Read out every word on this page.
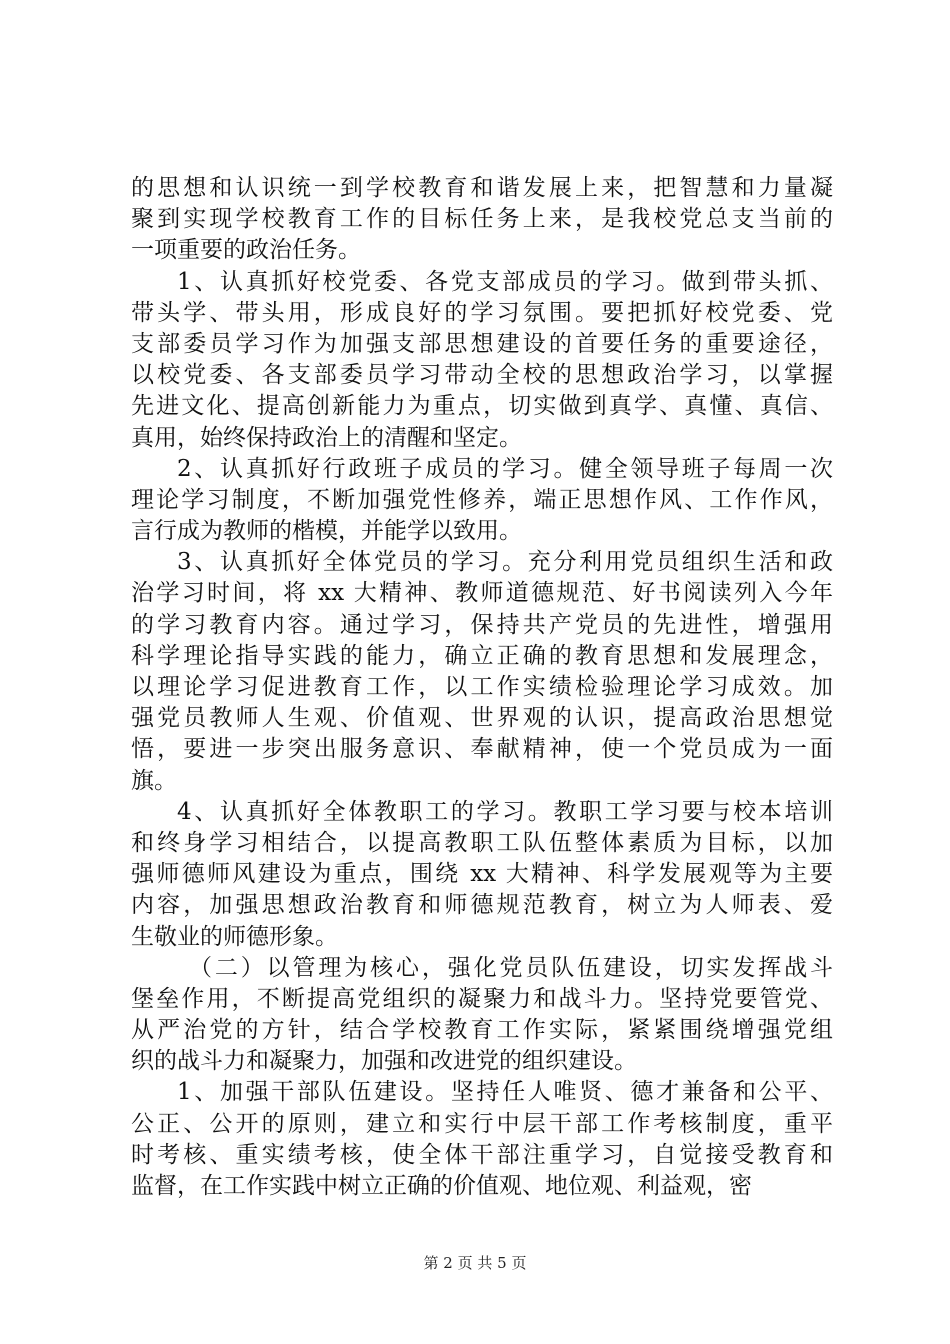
的思想和认识统一到学校教育和谐发展上来，把智慧和力量凝
聚到实现学校教育工作的目标任务上来，是我校党总支当前的
一项重要的政治任务。
1、认真抓好校党委、各党支部成员的学习。做到带头抓、
带头学、带头用，形成良好的学习氛围。要把抓好校党委、党
支部委员学习作为加强支部思想建设的首要任务的重要途径，
以校党委、各支部委员学习带动全校的思想政治学习，以掌握
先进文化、提高创新能力为重点，切实做到真学、真懂、真信、
真用，始终保持政治上的清醒和坚定。
2、认真抓好行政班子成员的学习。健全领导班子每周一次
理论学习制度，不断加强党性修养，端正思想作风、工作作风，
言行成为教师的楷模，并能学以致用。
3、认真抓好全体党员的学习。充分利用党员组织生活和政
治学习时间，将 xx 大精神、教师道德规范、好书阅读列入今年
的学习教育内容。通过学习，保持共产党员的先进性，增强用
科学理论指导实践的能力，确立正确的教育思想和发展理念，
以理论学习促进教育工作，以工作实绩检验理论学习成效。加
强党员教师人生观、价值观、世界观的认识，提高政治思想觉
悟，要进一步突出服务意识、奉献精神，使一个党员成为一面
旗。
4、认真抓好全体教职工的学习。教职工学习要与校本培训
和终身学习相结合，以提高教职工队伍整体素质为目标，以加
强师德师风建设为重点，围绕 xx 大精神、科学发展观等为主要
内容，加强思想政治教育和师德规范教育，树立为人师表、爱
生敬业的师德形象。
（二）以管理为核心，强化党员队伍建设，切实发挥战斗
堡垒作用，不断提高党组织的凝聚力和战斗力。坚持党要管党、
从严治党的方针，结合学校教育工作实际，紧紧围绕增强党组
织的战斗力和凝聚力，加强和改进党的组织建设。
1、加强干部队伍建设。坚持任人唯贤、德才兼备和公平、
公正、公开的原则，建立和实行中层干部工作考核制度，重平
时考核、重实绩考核，使全体干部注重学习，自觉接受教育和
监督，在工作实践中树立正确的价值观、地位观、利益观，密
第 2 页 共 5 页
